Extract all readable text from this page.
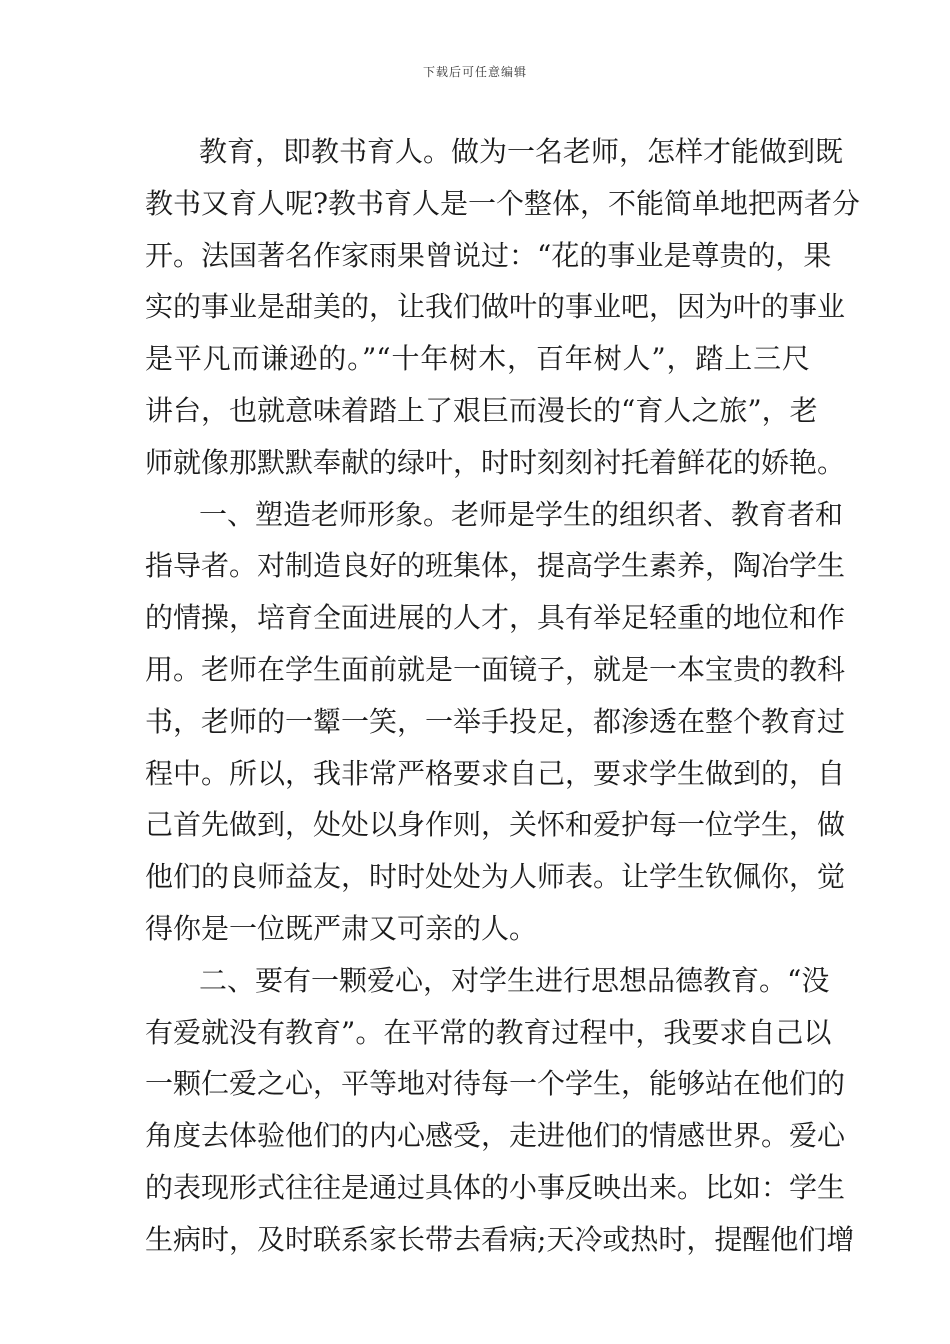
下载后可任意编辑
教育，即教书育人。做为一名老师，怎样才能做到既
教书又育人呢?教书育人是一个整体，不能简单地把两者分
开。法国著名作家雨果曾说过：“花的事业是尊贵的，果
实的事业是甜美的，让我们做叶的事业吧，因为叶的事业
是平凡而谦逊的。”“十年树木，百年树人”，踏上三尺
讲台，也就意味着踏上了艰巨而漫长的“育人之旅”，老
师就像那默默奉献的绿叶，时时刻刻衬托着鲜花的娇艳。
一、塑造老师形象。老师是学生的组织者、教育者和
指导者。对制造良好的班集体，提高学生素养，陶冶学生
的情操，培育全面进展的人才，具有举足轻重的地位和作
用。老师在学生面前就是一面镜子，就是一本宝贵的教科
书，老师的一颦一笑，一举手投足，都渗透在整个教育过
程中。所以，我非常严格要求自己，要求学生做到的，自
己首先做到，处处以身作则，关怀和爱护每一位学生，做
他们的良师益友，时时处处为人师表。让学生钦佩你，觉
得你是一位既严肃又可亲的人。
二、要有一颗爱心，对学生进行思想品德教育。“没
有爱就没有教育”。在平常的教育过程中，我要求自己以
一颗仁爱之心，平等地对待每一个学生，能够站在他们的
角度去体验他们的内心感受，走进他们的情感世界。爱心
的表现形式往往是通过具体的小事反映出来。比如：学生
生病时，及时联系家长带去看病;天冷或热时，提醒他们增
